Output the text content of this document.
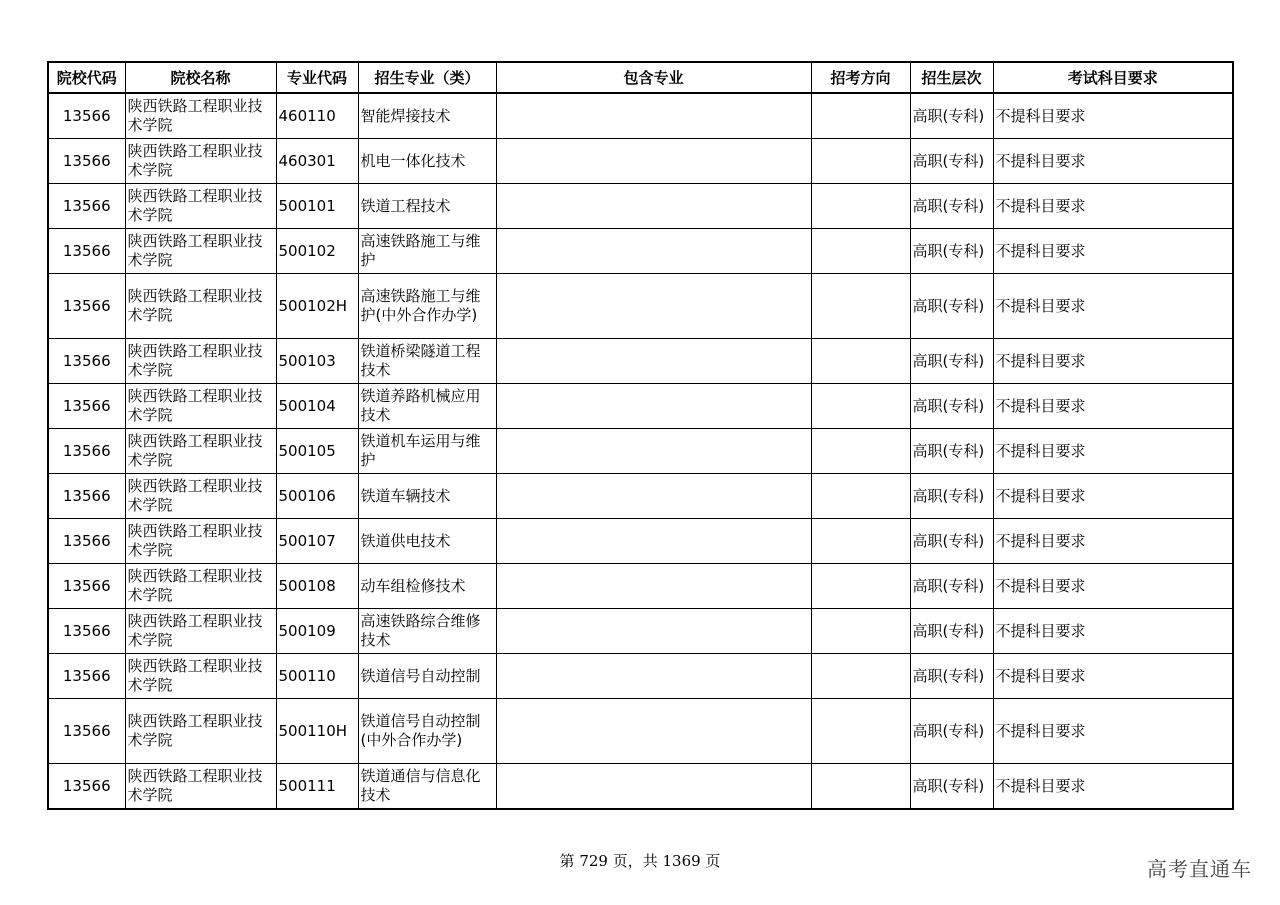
院校代码	院校名称	专业代码	招生专业（类）	包含专业	招考方向	招生层次	考试科目要求
13566	陕西铁路工程职业技术学院	460110	智能焊接技术			高职(专科)	不提科目要求
13566	陕西铁路工程职业技术学院	460301	机电一体化技术			高职(专科)	不提科目要求
13566	陕西铁路工程职业技术学院	500101	铁道工程技术			高职(专科)	不提科目要求
13566	陕西铁路工程职业技术学院	500102	高速铁路施工与维护			高职(专科)	不提科目要求
13566	陕西铁路工程职业技术学院	500102H	高速铁路施工与维护(中外合作办学)			高职(专科)	不提科目要求
13566	陕西铁路工程职业技术学院	500103	铁道桥梁隧道工程技术			高职(专科)	不提科目要求
13566	陕西铁路工程职业技术学院	500104	铁道养路机械应用技术			高职(专科)	不提科目要求
13566	陕西铁路工程职业技术学院	500105	铁道机车运用与维护			高职(专科)	不提科目要求
13566	陕西铁路工程职业技术学院	500106	铁道车辆技术			高职(专科)	不提科目要求
13566	陕西铁路工程职业技术学院	500107	铁道供电技术			高职(专科)	不提科目要求
13566	陕西铁路工程职业技术学院	500108	动车组检修技术			高职(专科)	不提科目要求
13566	陕西铁路工程职业技术学院	500109	高速铁路综合维修技术			高职(专科)	不提科目要求
13566	陕西铁路工程职业技术学院	500110	铁道信号自动控制			高职(专科)	不提科目要求
13566	陕西铁路工程职业技术学院	500110H	铁道信号自动控制(中外合作办学)			高职(专科)	不提科目要求
13566	陕西铁路工程职业技术学院	500111	铁道通信与信息化技术			高职(专科)	不提科目要求
第 729 页，共 1369 页	高考直通车
